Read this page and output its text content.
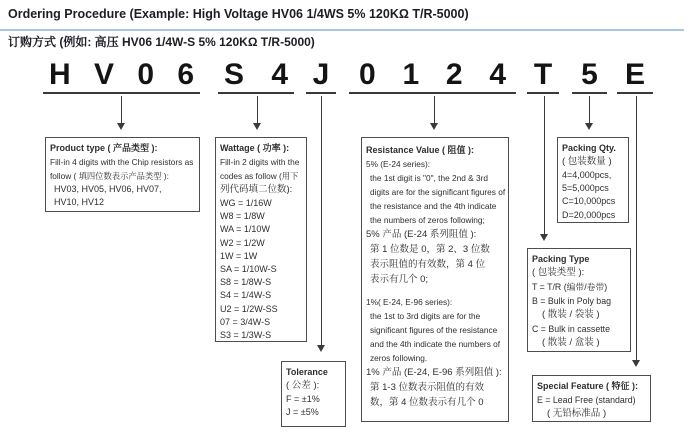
Ordering Procedure (Example: High Voltage HV06 1/4WS 5% 120KΩ T/R-5000)
订购方式 (例如: 高压 HV06 1/4W-S 5% 120KΩ T/R-5000)
H V 0 6 S 4 J 0 1 2 4 T 5 E
Product type ( 产品类型 ):
Fill-in 4 digits with the Chip resistors as
follow ( 填四位数表示产品类型 ):
HV03, HV05, HV06, HV07,
HV10, HV12
Wattage ( 功率 ):
Fill-in 2 digits with the
codes as follow (用下
列代码填二位数):
WG = 1/16W
W8 = 1/8W
WA = 1/10W
W2 = 1/2W
1W = 1W
SA = 1/10W-S
S8 = 1/8W-S
S4 = 1/4W-S
U2 = 1/2W-SS
07 = 3/4W-S
S3 = 1/3W-S
Tolerance
( 公差 ):
F = ±1%
J = ±5%
Resistance Value ( 阻值 ):
5% (E-24 series):
the 1st digit is "0", the 2nd & 3rd
digits are for the significant figures of
the resistance and the 4th indicate
the numbers of zeros following;
5% 产品 (E-24 系列阻值 ):
第 1 位数是 0，第 2、3 位数
表示阻值的有效数，第 4 位
表示有几个 0;
1%( E-24, E-96 series):
the 1st to 3rd digits are for the
significant figures of the resistance
and the 4th indicate the numbers of
zeros following.
1% 产品 (E-24, E-96 系列阻值 ):
第 1-3 位数表示阻值的有效
数，第 4 位数表示有几个 0
Packing Qty.
( 包装数量 )
4=4,000pcs,
5=5,000pcs
C=10,000pcs
D=20,000pcs
Packing Type
( 包装类型 ):
T = T/R (编带/卷带)
B = Bulk in Poly bag
( 散装 / 袋装 )
C = Bulk in cassette
( 散装 / 盒装 )
Special Feature ( 特征 ):
E = Lead Free (standard)
( 无铅标准品 )
